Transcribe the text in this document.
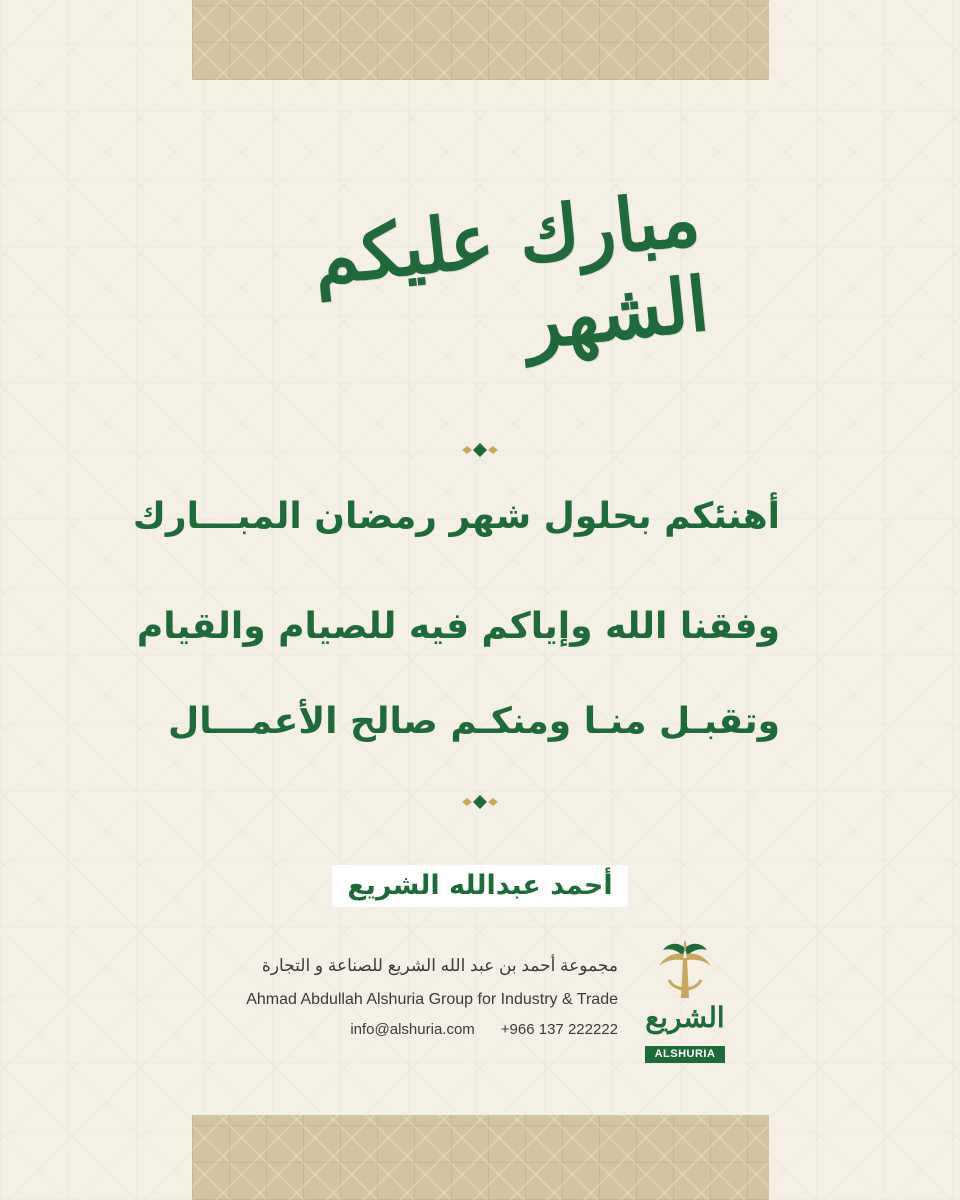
مبارك عليكم الشهر
أهنئكم بحلول شهر رمضان المبـــارك
وفقنا الله وإياكم فيه للصيام والقيام
وتقبـل منـا ومنكـم صالح الأعمـــال
أحمد عبدالله الشريع
مجموعة أحمد بن عبد الله الشريع للصناعة و التجارة
Ahmad Abdullah Alshuria Group for Industry & Trade
info@alshuria.com +966 137 222222 الشريع
ALSHURIA
